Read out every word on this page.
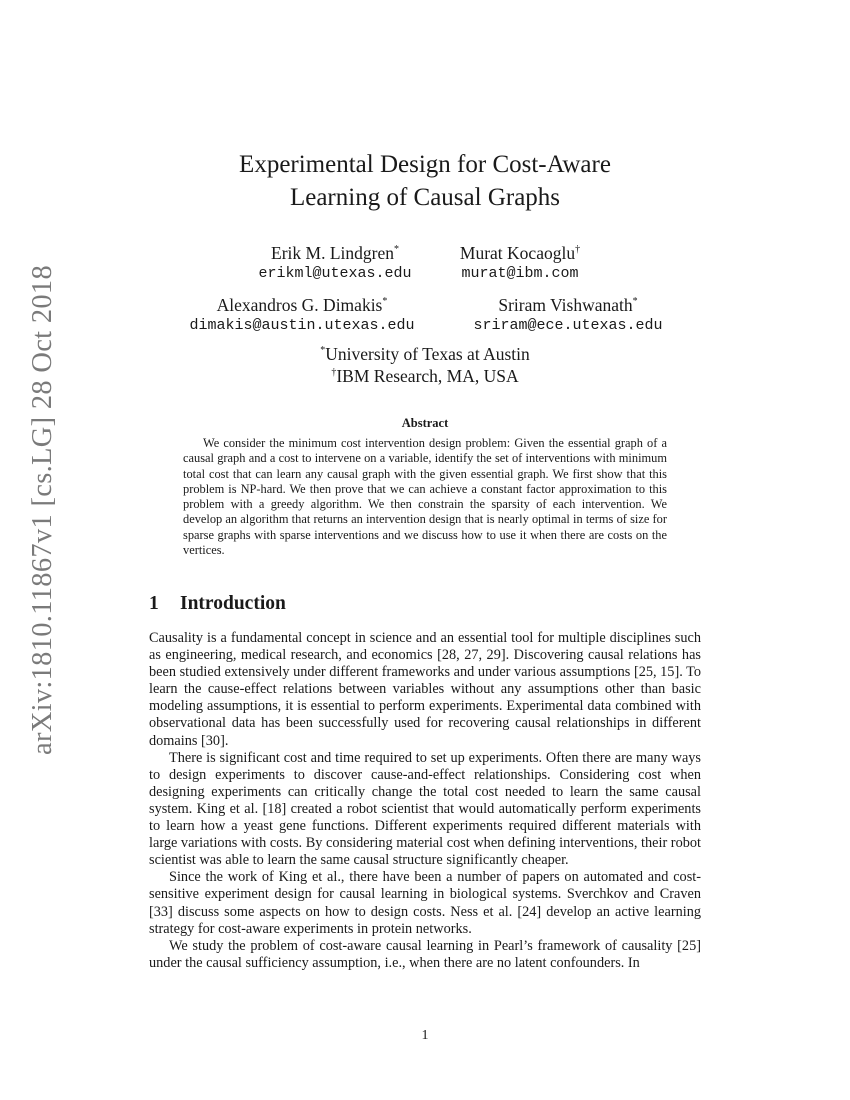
arXiv:1810.11867v1 [cs.LG] 28 Oct 2018
Experimental Design for Cost-Aware
Learning of Causal Graphs
Erik M. Lindgren*
erikml@utexas.edu
Murat Kocaoglu†
murat@ibm.com
Alexandros G. Dimakis*
dimakis@austin.utexas.edu
Sriram Vishwanath*
sriram@ece.utexas.edu
*University of Texas at Austin
†IBM Research, MA, USA
Abstract
We consider the minimum cost intervention design problem: Given the essential graph of a causal graph and a cost to intervene on a variable, identify the set of interventions with minimum total cost that can learn any causal graph with the given essential graph. We first show that this problem is NP-hard. We then prove that we can achieve a constant factor approximation to this problem with a greedy algorithm. We then constrain the sparsity of each intervention. We develop an algorithm that returns an intervention design that is nearly optimal in terms of size for sparse graphs with sparse interventions and we discuss how to use it when there are costs on the vertices.
1 Introduction

Causality is a fundamental concept in science and an essential tool for multiple disciplines such as engineering, medical research, and economics [28, 27, 29]. Discovering causal relations has been studied extensively under different frameworks and under various assumptions [25, 15]. To learn the cause-effect relations between variables without any assumptions other than basic modeling assumptions, it is essential to perform experiments. Experimental data combined with observational data has been successfully used for recovering causal relationships in different domains [30].

There is significant cost and time required to set up experiments. Often there are many ways to design experiments to discover cause-and-effect relationships. Considering cost when designing experiments can critically change the total cost needed to learn the same causal system. King et al. [18] created a robot scientist that would automatically perform experiments to learn how a yeast gene functions. Different experiments required different materials with large variations with costs. By considering material cost when defining interventions, their robot scientist was able to learn the same causal structure significantly cheaper.

Since the work of King et al., there have been a number of papers on automated and cost-sensitive experiment design for causal learning in biological systems. Sverchkov and Craven [33] discuss some aspects on how to design costs. Ness et al. [24] develop an active learning strategy for cost-aware experiments in protein networks.

We study the problem of cost-aware causal learning in Pearl’s framework of causality [25] under the causal sufficiency assumption, i.e., when there are no latent confounders. In

1
